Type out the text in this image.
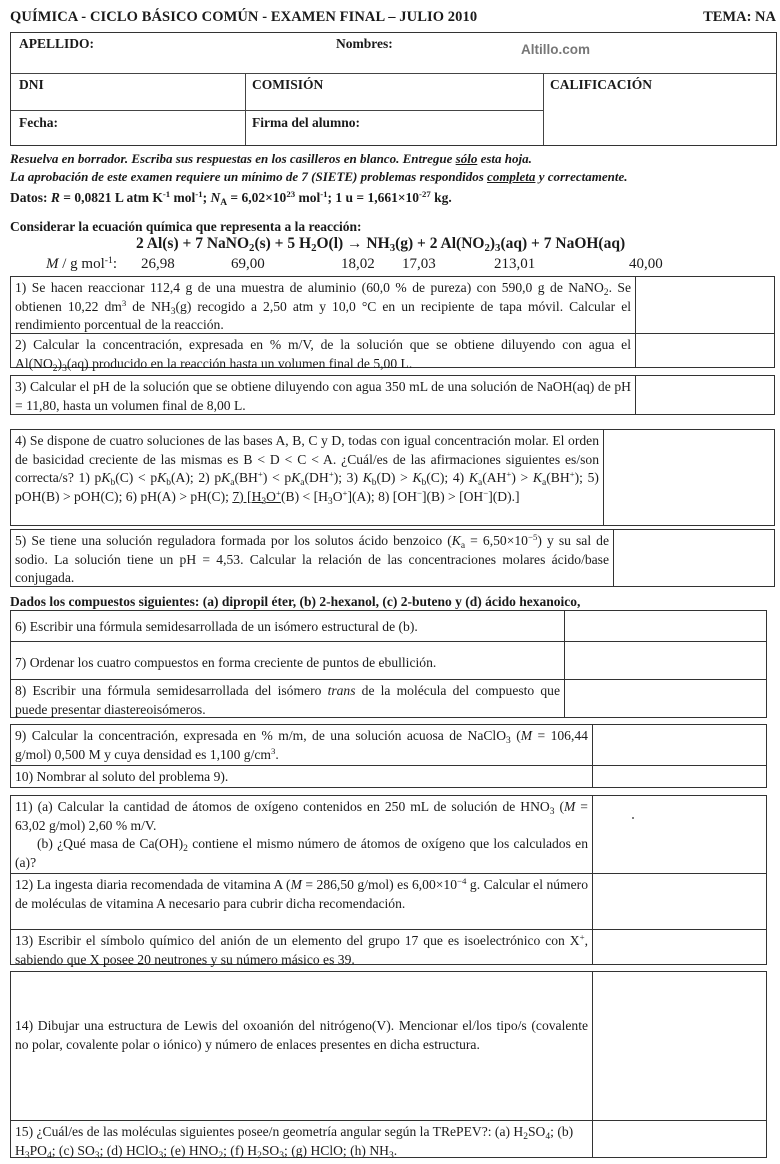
QUÍMICA - CICLO BÁSICO COMÚN - EXAMEN FINAL – JULIO 2010	TEMA: NA
APELLIDO:	Nombres:	Altillo.com
DNI	COMISIÓN	CALIFICACIÓN
Fecha:	Firma del alumno:
Resuelva en borrador. Escriba sus respuestas en los casilleros en blanco. Entregue sólo esta hoja.
La aprobación de este examen requiere un mínimo de 7 (SIETE) problemas respondidos completa y correctamente.
Datos: R = 0,0821 L atm $K^{-1}$ mol$^{-1}$; $N_A = 6,02\times 10^{23}$ mol$^{-1}$; 1 $u = 1,661\times 10^{-27}$ kg.
Considerar la ecuación química que representa a la reacción:
2 Al(s) + 7 NaNO$_2$(s) + 5 $H_2O(l) \to NH_3(g) + 2$ $Al(NO_2)_3(aq) + 7$ NaOH(aq)
M / g mol$^{-1}$: 26,98	69,00	18,02 17,03	213,01	40,00
1) Se hacen reaccionar 112,4 g de una muestra de aluminio (60,0 % de pureza) con 590,0 g de NaNO$_2$. Se obtienen 10,22 $dm^3$ de $NH_3(g)$ recogido a 2,50 atm y 10,0 °C en un recipiente de tapa móvil. Calcular el rendimiento porcentual de la reacción.
2) Calcular la concentración, expresada en % m/V, de la solución que se obtiene diluyendo con agua el $Al(NO_2)_3(aq)$ producido en la reacción hasta un volumen final de 5,00 L.
3) Calcular el pH de la solución que se obtiene diluyendo con agua 350 mL de una solución de NaOH(aq) de pH = 11,80, hasta un volumen final de 8,00 L.
4) Se dispone de cuatro soluciones de las bases A, B, C y D, todas con igual concentración molar. El orden de basicidad creciente de las mismas es B < D < C < A. ¿Cuál/es de las afirmaciones siguientes es/son correcta/s? 1) $pK_b(C) < pK_b(A)$; 2) $pK_a(BH^+) < pK_a(DH^+)$; 3) $K_b(D) > K_b(C)$; 4) $K_a(AH^+) > K_a(BH^+)$; 5) pOH(B) > pOH(C); 6) pH(A) > pH(C); 7) [$H_3O^+(B) < [H_3O^+](A)$; 8) [OH−](B) > [OH−](D).]
5) Se tiene una solución reguladora formada por los solutos ácido benzoico $(K_a = 6,50\times 10^{-5})$ y su sal de sodio. La solución tiene un pH = 4,53. Calcular la relación de las concentraciones molares ácido/base conjugada.
Dados los compuestos siguientes: (a) dipropil éter, (b) 2-hexanol, (c) 2-buteno y (d) ácido hexanoico,
6) Escribir una fórmula semidesarrollada de un isómero estructural de (b).
7) Ordenar los cuatro compuestos en forma creciente de puntos de ebullición.
8) Escribir una fórmula semidesarrollada del isómero trans de la molécula del compuesto que puede presentar diastereoisómeros.
9) Calcular la concentración, expresada en % m/m, de una solución acuosa de NaClO$_3$ (M = 106,44 g/mol) 0,500 M y cuya densidad es 1,100 $g/cm^3$.
10) Nombrar al soluto del problema 9).
11) (a) Calcular la cantidad de átomos de oxígeno contenidos en 250 mL de solución de $HNO_3$ (M = 63,02 g/mol) 2,60 % m/V.
(b) ¿Qué masa de $Ca(OH)_2$ contiene el mismo número de átomos de oxígeno que los calculados en (a)?
12) La ingesta diaria recomendada de vitamina A (M = 286,50 g/mol) es $6,00\times 10^{-4}$ g. Calcular el número de moléculas de vitamina A necesario para cubrir dicha recomendación.
13) Escribir el símbolo químico del anión de un elemento del grupo 17 que es isoelectrónico con X+, sabiendo que X posee 20 neutrones y su número másico es 39.
14) Dibujar una estructura de Lewis del oxoanión del nitrógeno(V). Mencionar el/los tipo/s (covalente no polar, covalente polar o iónico) y número de enlaces presentes en dicha estructura.
15) ¿Cuál/es de las moléculas siguientes posee/n geometría angular según la TRePEV?: (a) $H_2SO_4$; (b) $H_3PO_4$; (c) $SO_3$; (d) HClO$_3$; (e) $HNO_2$; (f) $H_2SO_3$; (g) HClO; (h) $NH_3$.
